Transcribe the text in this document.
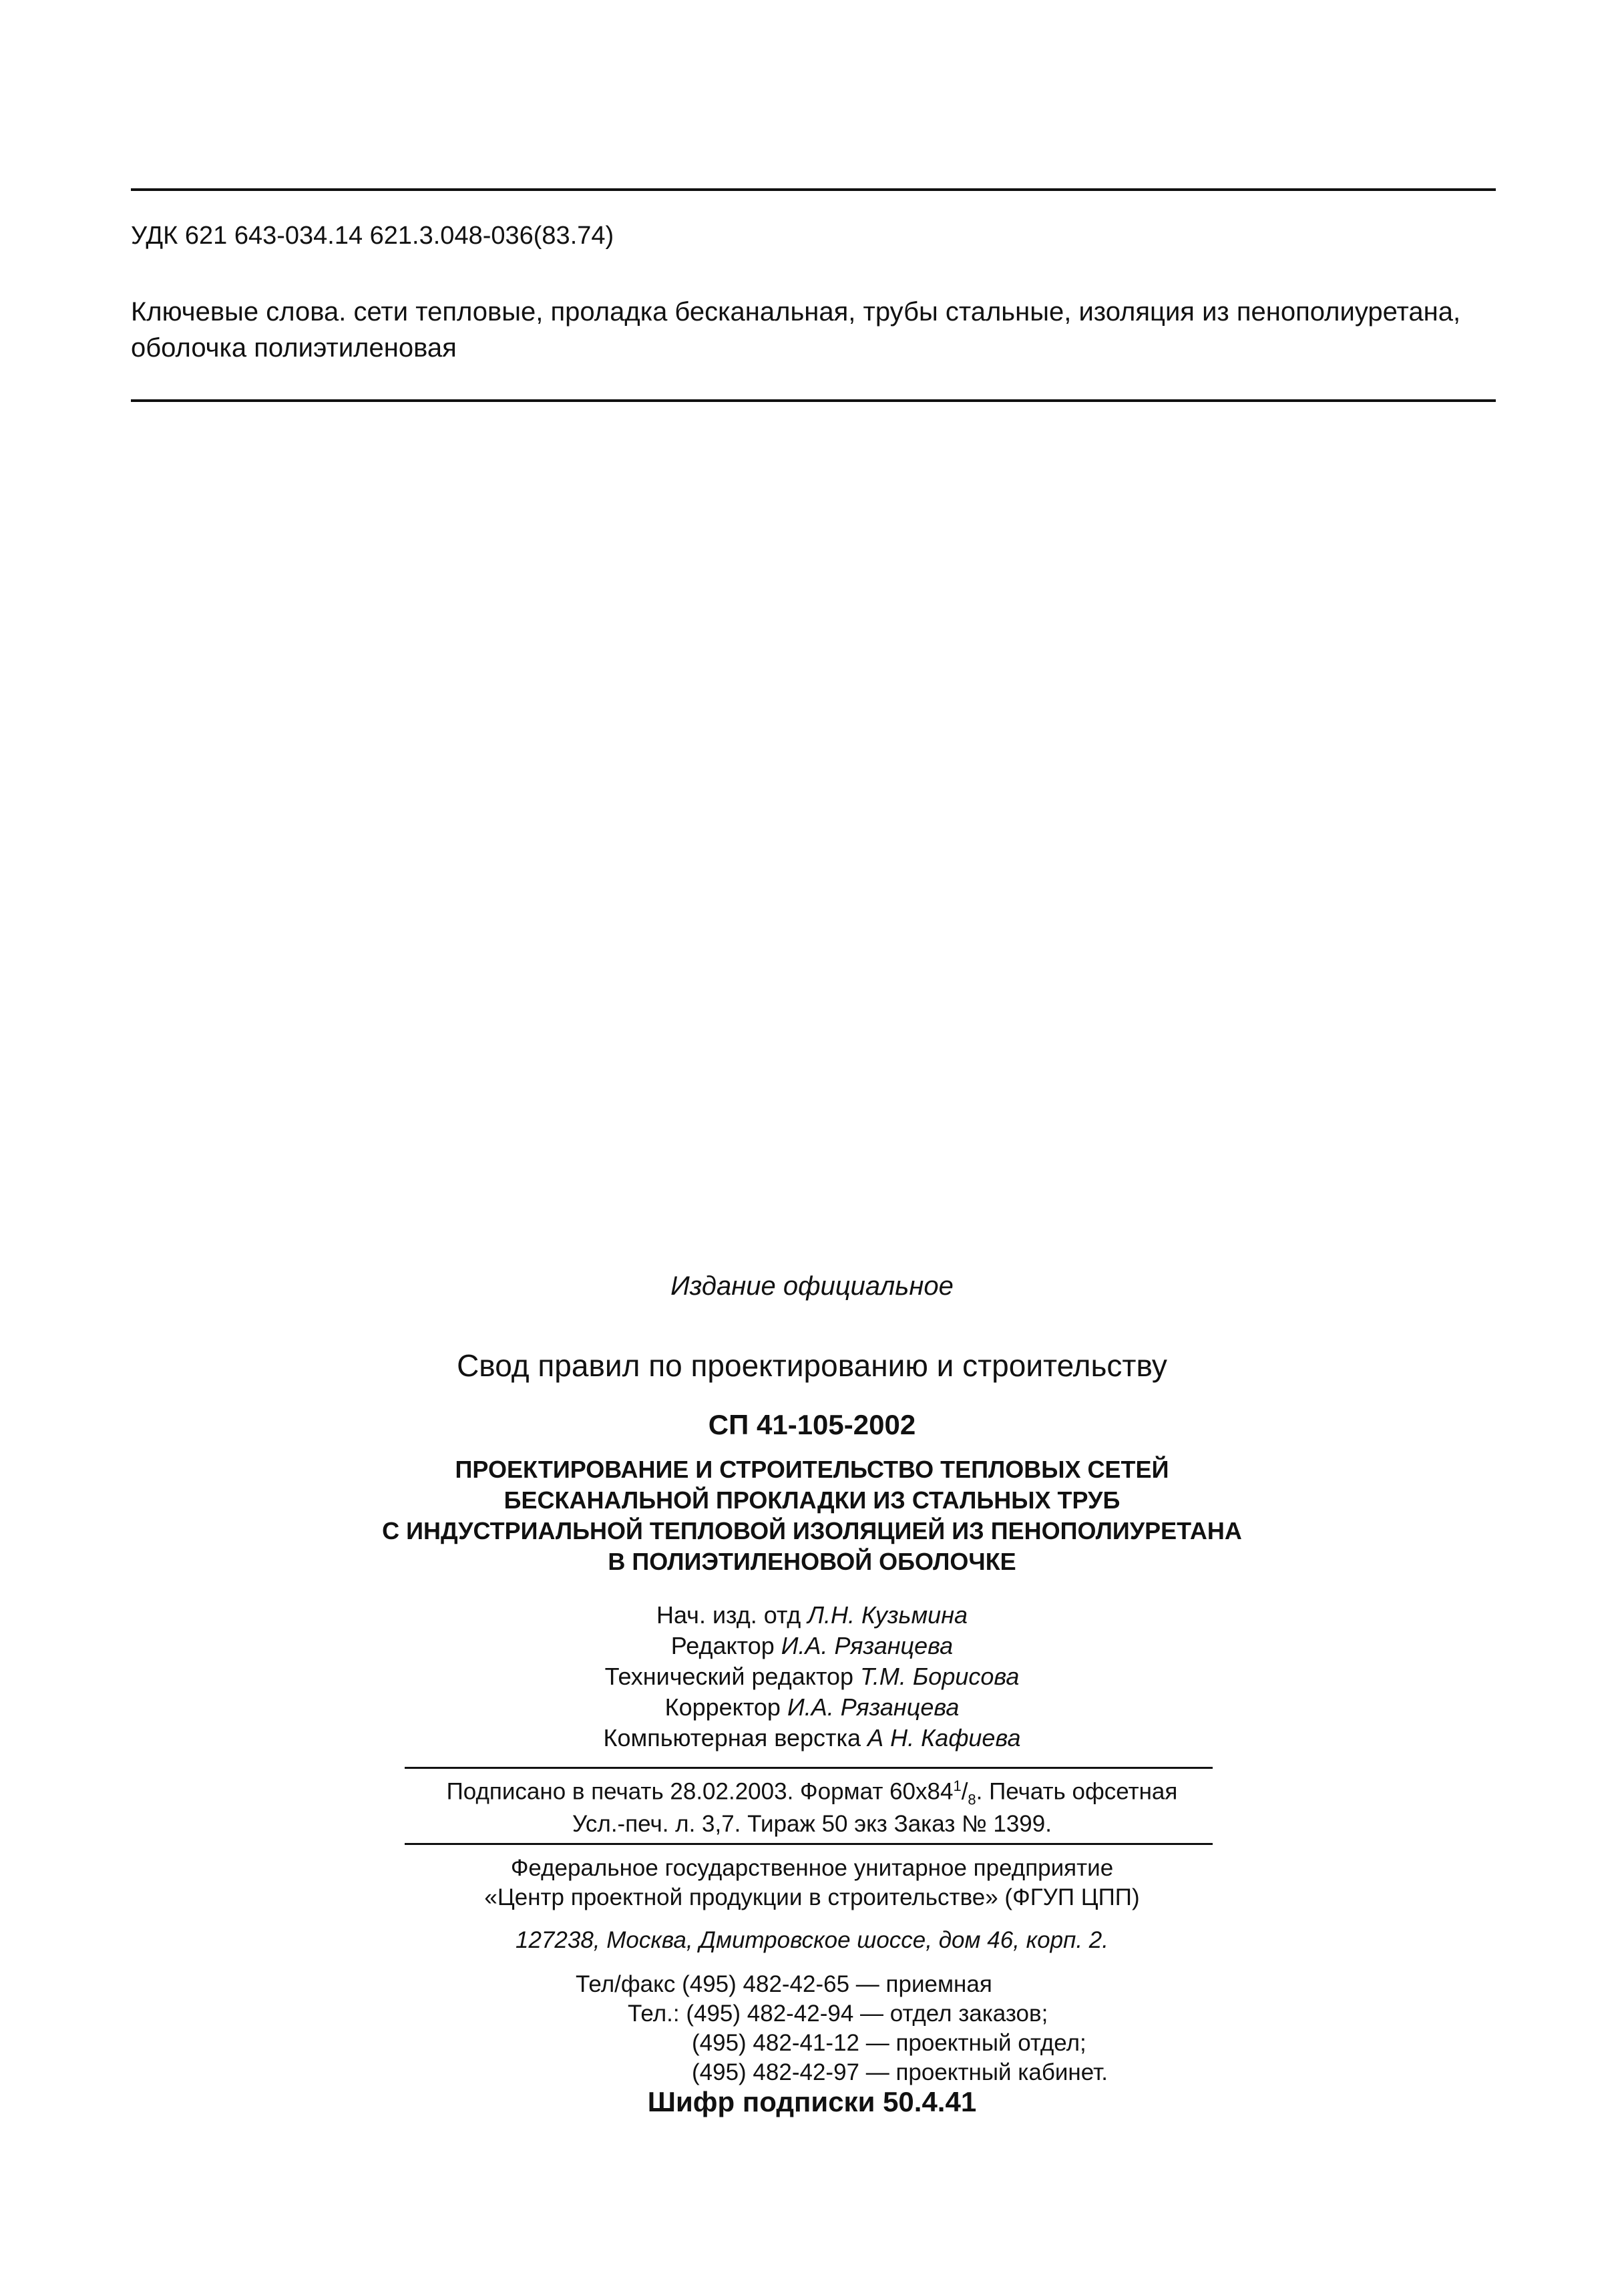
УДК 621 643-034.14 621.3.048-036(83.74)
Ключевые слова. сети тепловые, проладка бесканальная, трубы стальные, изоляция из пенополиуретана,
оболочка полиэтиленовая
Издание официальное
Свод правил по проектированию и строительству
СП 41-105-2002
ПРОЕКТИРОВАНИЕ И СТРОИТЕЛЬСТВО ТЕПЛОВЫХ СЕТЕЙ
БЕСКАНАЛЬНОЙ ПРОКЛАДКИ ИЗ СТАЛЬНЫХ ТРУБ
С ИНДУСТРИАЛЬНОЙ ТЕПЛОВОЙ ИЗОЛЯЦИЕЙ ИЗ ПЕНОПОЛИУРЕТАНА
В ПОЛИЭТИЛЕНОВОЙ ОБОЛОЧКЕ
Нач. изд. отд Л.Н. Кузьмина
Редактор И.А. Рязанцева
Технический редактор Т.М. Борисова
Корректор И.А. Рязанцева
Компьютерная верстка А Н. Кафиева
Подписано в печать 28.02.2003. Формат $60х84^1/_8$. Печать офсетная
Усл.-печ. л. 3,7. Тираж 50 экз Заказ № 1399.
Федеральное государственное унитарное предприятие
«Центр проектной продукции в строительстве» (ФГУП ЦПП)
127238, Москва, Дмитровское шоссе, дом 46, корп. 2.
Тел/факс (495) 482-42-65 — приемная
Тел.: (495) 482-42-94 — отдел заказов;
(495) 482-41-12 — проектный отдел;
(495) 482-42-97 — проектный кабинет.
Шифр подписки 50.4.41
